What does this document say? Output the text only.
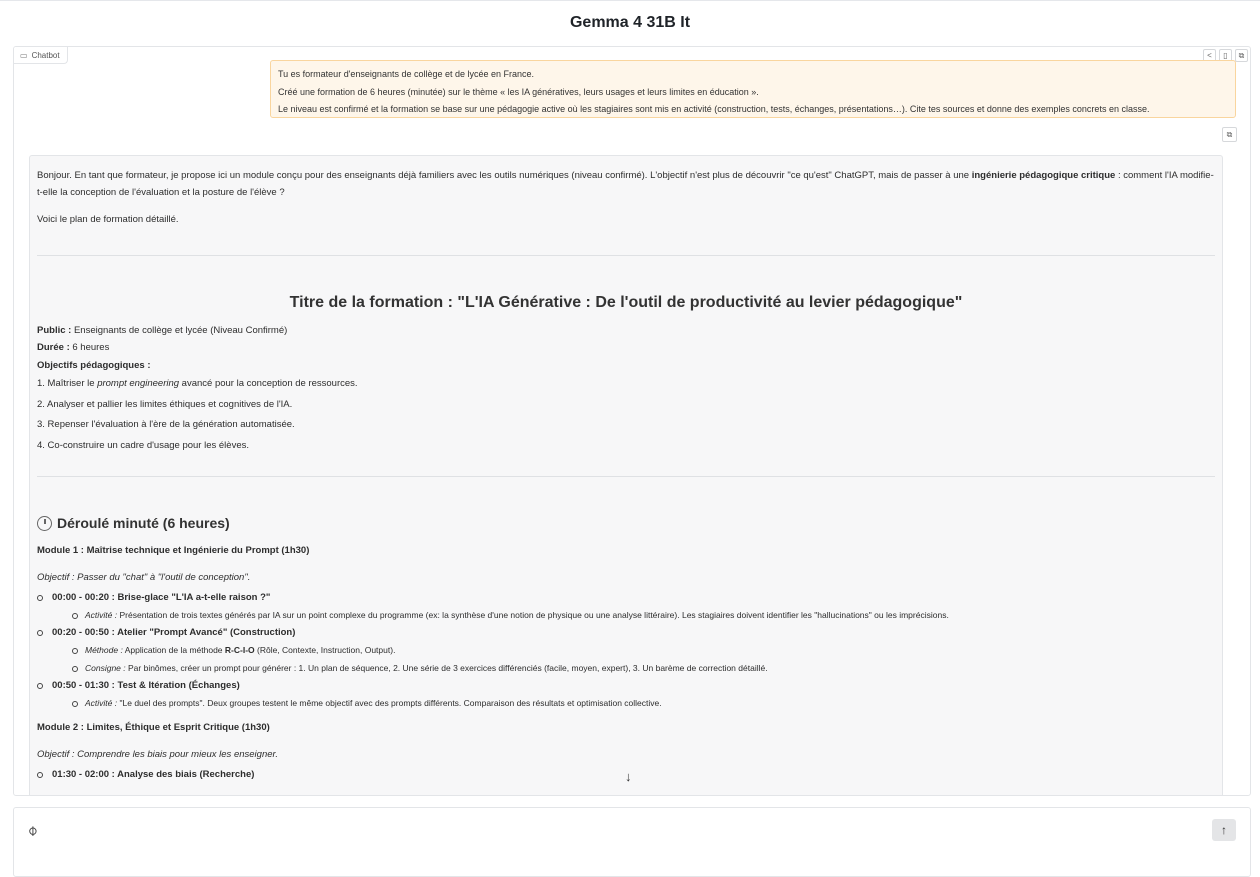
Gemma 4 31B It
▭ Chatbot	<	▯	⧉
Tu es formateur d'enseignants de collège et de lycée en France.
Créé une formation de 6 heures (minutée) sur le thème « les IA génératives, leurs usages et leurs limites en éducation ».
Le niveau est confirmé et la formation se base sur une pédagogie active où les stagiaires sont mis en activité (construction, tests, échanges, présentations…). Cite tes sources et donne des exemples concrets en classe.
⧉

Bonjour. En tant que formateur, je propose ici un module conçu pour des enseignants déjà familiers avec les outils numériques (niveau confirmé). L'objectif n'est plus de découvrir "ce qu'est" ChatGPT, mais de passer à une ingénierie pédagogique critique : comment l'IA modifie-t-elle la conception de l'évaluation et la posture de l'élève ?

Voici le plan de formation détaillé.

Titre de la formation : "L'IA Générative : De l'outil de productivité au levier pédagogique"

Public : Enseignants de collège et lycée (Niveau Confirmé)

Durée : 6 heures

Objectifs pédagogiques :

1. Maîtriser le prompt engineering avancé pour la conception de ressources.
2. Analyser et pallier les limites éthiques et cognitives de l'IA.
3. Repenser l'évaluation à l'ère de la génération automatisée.
4. Co-construire un cadre d'usage pour les élèves.
Déroulé minuté (6 heures)

Module 1 : Maîtrise technique et Ingénierie du Prompt (1h30)

Objectif : Passer du "chat" à "l'outil de conception".

00:00 - 00:20 : Brise-glace "L'IA a-t-elle raison ?"
Activité : Présentation de trois textes générés par IA sur un point complexe du programme (ex: la synthèse d'une notion de physique ou une analyse littéraire). Les stagiaires doivent identifier les "hallucinations" ou les imprécisions.
00:20 - 00:50 : Atelier "Prompt Avancé" (Construction)
Méthode : Application de la méthode R-C-I-O (Rôle, Contexte, Instruction, Output).
Consigne : Par binômes, créer un prompt pour générer : 1. Un plan de séquence, 2. Une série de 3 exercices différenciés (facile, moyen, expert), 3. Un barème de correction détaillé.
00:50 - 01:30 : Test & Itération (Échanges)
Activité : "Le duel des prompts". Deux groupes testent le même objectif avec des prompts différents. Comparaison des résultats et optimisation collective.

Module 2 : Limites, Éthique et Esprit Critique (1h30)

Objectif : Comprendre les biais pour mieux les enseigner.

01:30 - 02:00 : Analyse des biais (Recherche)	↓
⌀	↑
